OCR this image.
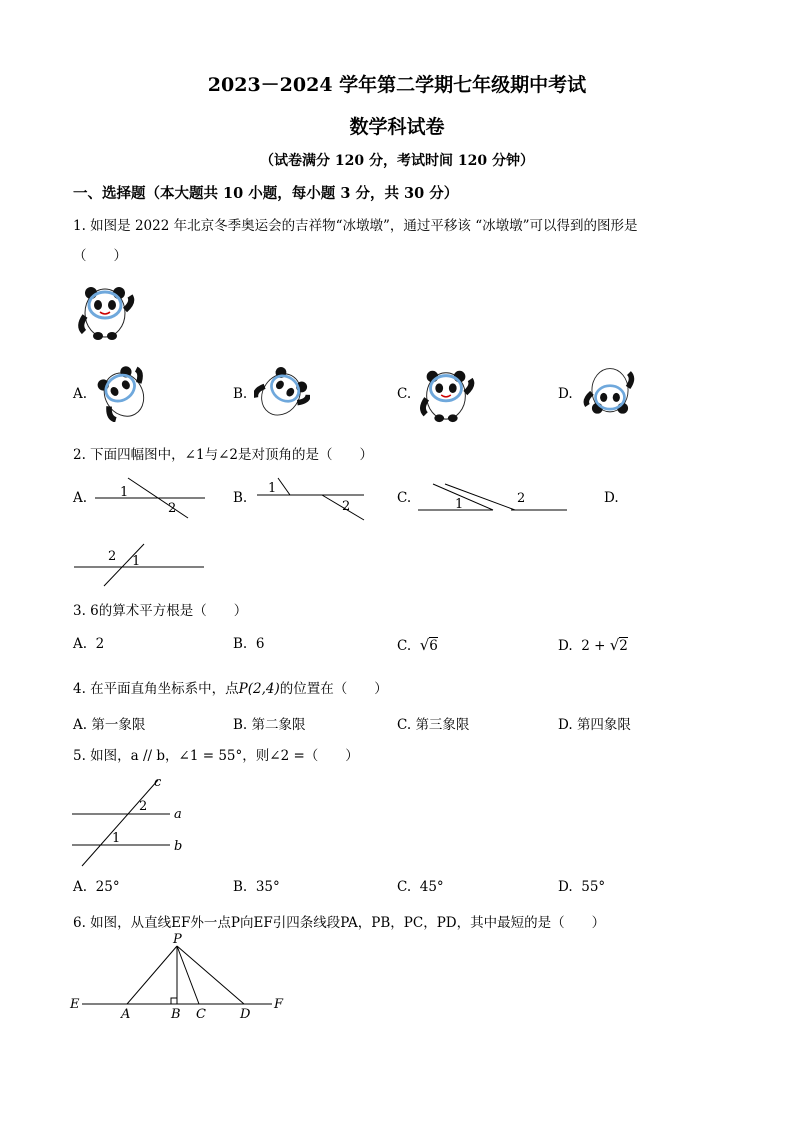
2023－2024 学年第二学期七年级期中考试
数学科试卷
（试卷满分 120 分，考试时间 120 分钟）
一、选择题（本大题共 10 小题，每小题 3 分，共 30 分）
1. 如图是 2022 年北京冬季奥运会的吉祥物“冰墩墩”，通过平移该 “冰墩墩”可以得到的图形是
（　　）
A.	B.	C.	D.
2. 下面四幅图中，∠1与∠2是对顶角的是（　　）
A.	1
2
B.
1
2
C.	1	2	D.
2 1
3. 6的算术平方根是（　　）
A. 2	B. 6	C. √6	D. 2 + √2
4. 在平面直角坐标系中，点P(2,4)的位置在（　　）
A. 第一象限	B. 第二象限	C. 第三象限	D. 第四象限
5. 如图，a // b，∠1 = 55°，则∠2 =（　　）
c
a
b
2
1
A. 25°	B. 35°	C. 45°	D. 55°
6. 如图，从直线EF外一点P向EF引四条线段PA，PB，PC，PD，其中最短的是（　　）
P
E
A	B C	D
F
